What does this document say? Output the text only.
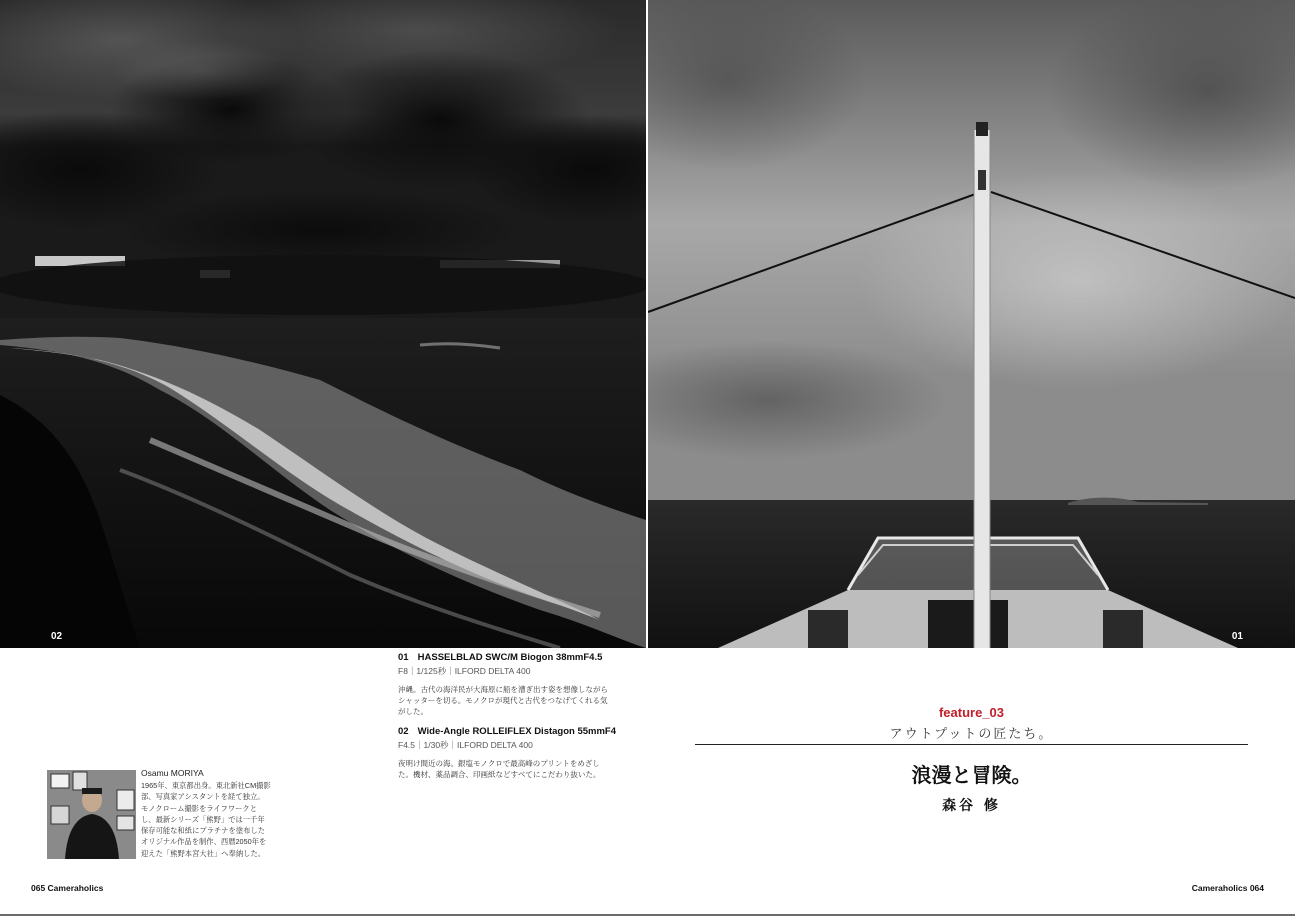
02	01
01 HASSELBLAD SWC/M Biogon 38mmF4.5
F8｜1/125秒｜ILFORD DELTA 400
沖縄。古代の海洋民が大海原に船を漕ぎ出す姿を想像しながらシャッターを切る。モノクロが現代と古代をつなげてくれる気がした。
02 Wide-Angle ROLLEIFLEX Distagon 55mmF4
F4.5｜1/30秒｜ILFORD DELTA 400
夜明け間近の海。銀塩モノクロで最高峰のプリントをめざした。機材、薬品調合、印画紙などすべてにこだわり抜いた。
Osamu MORIYA
1965年、東京都出身。東北新社CM撮影部、写真家アシスタントを経て独立。モノクローム撮影をライフワークとし、最新シリーズ「熊野」では一千年保存可能な和紙にプラチナを塗布したオリジナル作品を制作、西暦2050年を迎えた「熊野本宮大社」へ奉納した。
feature_03
アウトプットの匠たち。
浪漫と冒険。
森谷 修
065 Cameraholics	Cameraholics 064
